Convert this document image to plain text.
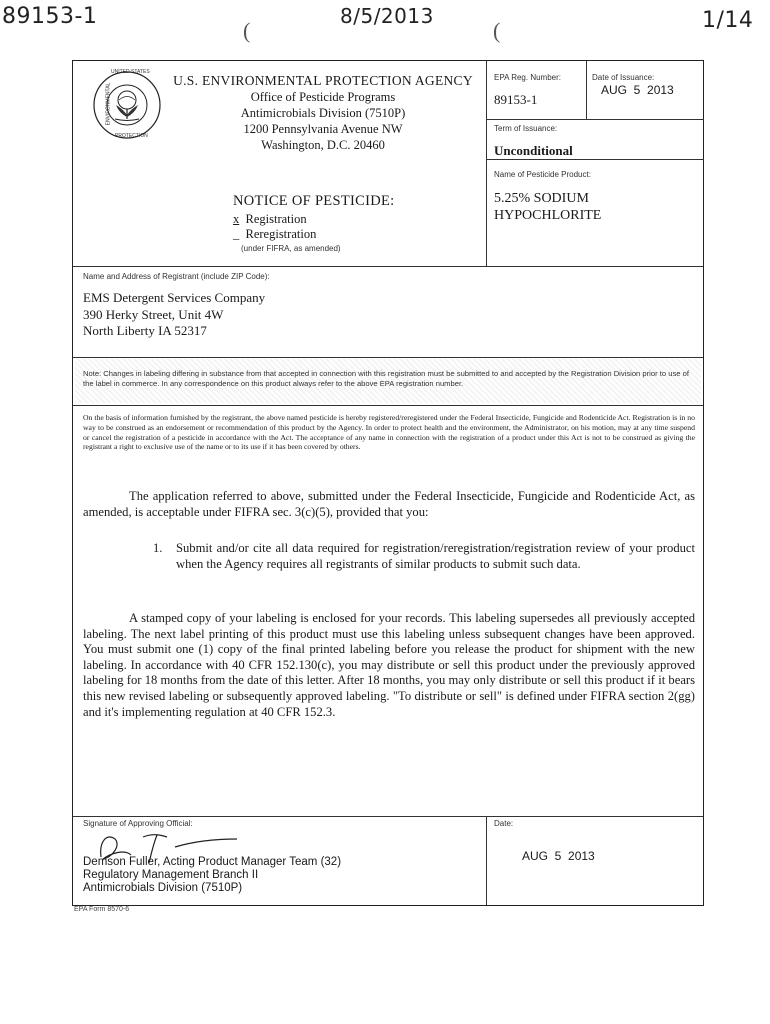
89153-1
(
8/5/2013
(	1/14
UNITED STATES
ENVIRONMENTAL
PROTECTION
U.S. ENVIRONMENTAL PROTECTION AGENCY
Office of Pesticide Programs
Antimicrobials Division (7510P)
1200 Pennsylvania Avenue NW
Washington, D.C. 20460
NOTICE OF PESTICIDE:
x Registration
_ Reregistration
(under FIFRA, as amended)
EPA Reg. Number:
89153-1
Date of Issuance:
AUG  5  2013
Term of Issuance:
Unconditional
Name of Pesticide Product:
5.25% SODIUM
HYPOCHLORITE
Name and Address of Registrant (include ZIP Code):
EMS Detergent Services Company
390 Herky Street, Unit 4W
North Liberty IA 52317
Note: Changes in labeling differing in substance from that accepted in connection with this registration must be submitted to and accepted by the Registration Division prior to use of the label in commerce. In any correspondence on this product always refer to the above EPA registration number.
On the basis of information furnished by the registrant, the above named pesticide is hereby registered/reregistered under the Federal Insecticide, Fungicide and Rodenticide Act. Registration is in no way to be construed as an endorsement or recommendation of this product by the Agency. In order to protect health and the environment, the Administrator, on his motion, may at any time suspend or cancel the registration of a pesticide in accordance with the Act. The acceptance of any name in connection with the registration of a product under this Act is not to be construed as giving the registrant a right to exclusive use of the name or to its use if it has been covered by others.
The application referred to above, submitted under the Federal Insecticide, Fungicide and Rodenticide Act, as amended, is acceptable under FIFRA sec. 3(c)(5), provided that you:
1. Submit and/or cite all data required for registration/reregistration/registration review of your product when the Agency requires all registrants of similar products to submit such data.
A stamped copy of your labeling is enclosed for your records. This labeling supersedes all previously accepted labeling. The next label printing of this product must use this labeling unless subsequent changes have been approved. You must submit one (1) copy of the final printed labeling before you release the product for shipment with the new labeling. In accordance with 40 CFR 152.130(c), you may distribute or sell this product under the previously approved labeling for 18 months from the date of this letter. After 18 months, you may only distribute or sell this product if it bears this new revised labeling or subsequently approved labeling. "To distribute or sell" is defined under FIFRA section 2(gg) and it's implementing regulation at 40 CFR 152.3.
Signature of Approving Official:
Demson Fuller, Acting Product Manager Team (32)
Regulatory Management Branch II
Antimicrobials Division (7510P)
Date:
AUG  5  2013
EPA Form 8570-6
